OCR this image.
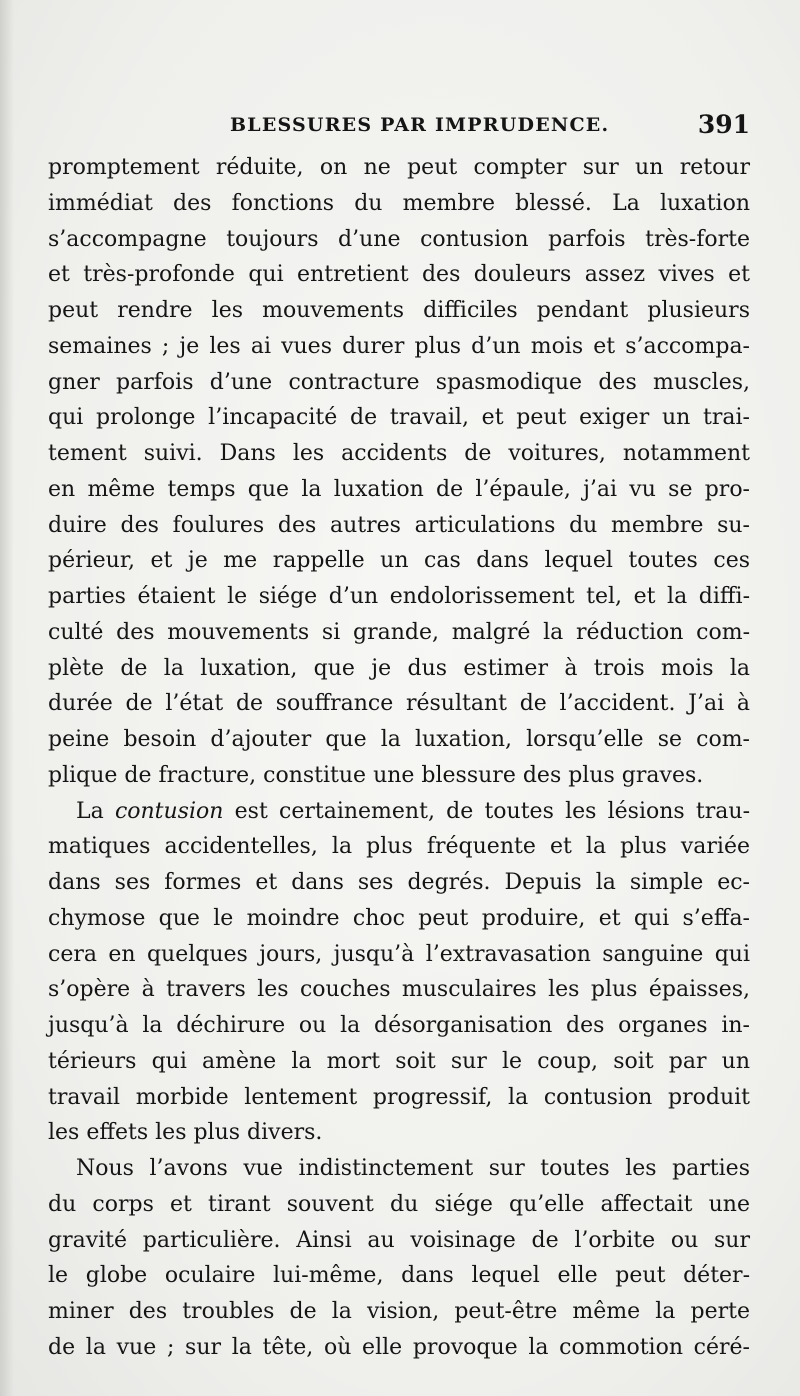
BLESSURES PAR IMPRUDENCE.	391
promptement réduite, on ne peut compter sur un retour
immédiat des fonctions du membre blessé. La luxation
s’accompagne toujours d’une contusion parfois très-forte
et très-profonde qui entretient des douleurs assez vives et
peut rendre les mouvements difficiles pendant plusieurs
semaines ; je les ai vues durer plus d’un mois et s’accompa-
gner parfois d’une contracture spasmodique des muscles,
qui prolonge l’incapacité de travail, et peut exiger un trai-
tement suivi. Dans les accidents de voitures, notamment
en même temps que la luxation de l’épaule, j’ai vu se pro-
duire des foulures des autres articulations du membre su-
périeur, et je me rappelle un cas dans lequel toutes ces
parties étaient le siége d’un endolorissement tel, et la diffi-
culté des mouvements si grande, malgré la réduction com-
plète de la luxation, que je dus estimer à trois mois la
durée de l’état de souffrance résultant de l’accident. J’ai à
peine besoin d’ajouter que la luxation, lorsqu’elle se com-
plique de fracture, constitue une blessure des plus graves.
La contusion est certainement, de toutes les lésions trau-
matiques accidentelles, la plus fréquente et la plus variée
dans ses formes et dans ses degrés. Depuis la simple ec-
chymose que le moindre choc peut produire, et qui s’effa-
cera en quelques jours, jusqu’à l’extravasation sanguine qui
s’opère à travers les couches musculaires les plus épaisses,
jusqu’à la déchirure ou la désorganisation des organes in-
térieurs qui amène la mort soit sur le coup, soit par un
travail morbide lentement progressif, la contusion produit
les effets les plus divers.
Nous l’avons vue indistinctement sur toutes les parties
du corps et tirant souvent du siége qu’elle affectait une
gravité particulière. Ainsi au voisinage de l’orbite ou sur
le globe oculaire lui-même, dans lequel elle peut déter-
miner des troubles de la vision, peut-être même la perte
de la vue ; sur la tête, où elle provoque la commotion céré-
